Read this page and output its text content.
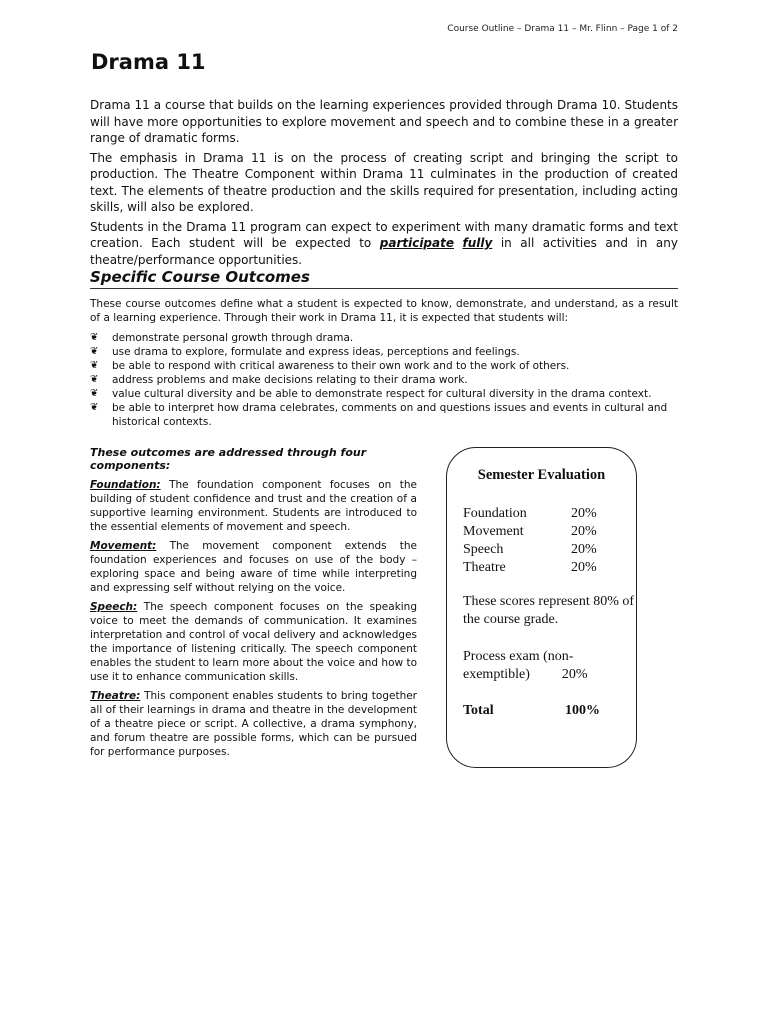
Course Outline – Drama 11 – Mr. Flinn – Page 1 of 2
Drama 11

Drama 11 a course that builds on the learning experiences provided through Drama 10. Students will have more opportunities to explore movement and speech and to combine these in a greater range of dramatic forms.

The emphasis in Drama 11 is on the process of creating script and bringing the script to production. The Theatre Component within Drama 11 culminates in the production of created text. The elements of theatre production and the skills required for presentation, including acting skills, will also be explored.

Students in the Drama 11 program can expect to experiment with many dramatic forms and text creation. Each student will be expected to participate fully in all activities and in any theatre/performance opportunities.

Specific Course Outcomes

These course outcomes define what a student is expected to know, demonstrate, and understand, as a result of a learning experience. Through their work in Drama 11, it is expected that students will:

❦ demonstrate personal growth through drama.
❦ use drama to explore, formulate and express ideas, perceptions and feelings.
❦ be able to respond with critical awareness to their own work and to the work of others.
❦ address problems and make decisions relating to their drama work.
❦ value cultural diversity and be able to demonstrate respect for cultural diversity in the drama context.
❦ be able to interpret how drama celebrates, comments on and questions issues and events in cultural and historical contexts.

These outcomes are addressed through four components:

Foundation: The foundation component focuses on the building of student confidence and trust and the creation of a supportive learning environment. Students are introduced to the essential elements of movement and speech.

Movement: The movement component extends the foundation experiences and focuses on use of the body – exploring space and being aware of time while interpreting and expressing self without relying on the voice.

Speech: The speech component focuses on the speaking voice to meet the demands of communication. It examines interpretation and control of vocal delivery and acknowledges the importance of listening critically. The speech component enables the student to learn more about the voice and how to use it to enhance communication skills.

Theatre: This component enables students to bring together all of their learnings in drama and theatre in the development of a theatre piece or script. A collective, a drama symphony, and forum theatre are possible forms, which can be pursued for performance purposes.

Semester Evaluation
Foundation	20%
Movement	20%
Speech	20%
Theatre	20%
These scores represent 80% of the course grade.
Process exam (non-
exemptible) 20%
Total	100%
